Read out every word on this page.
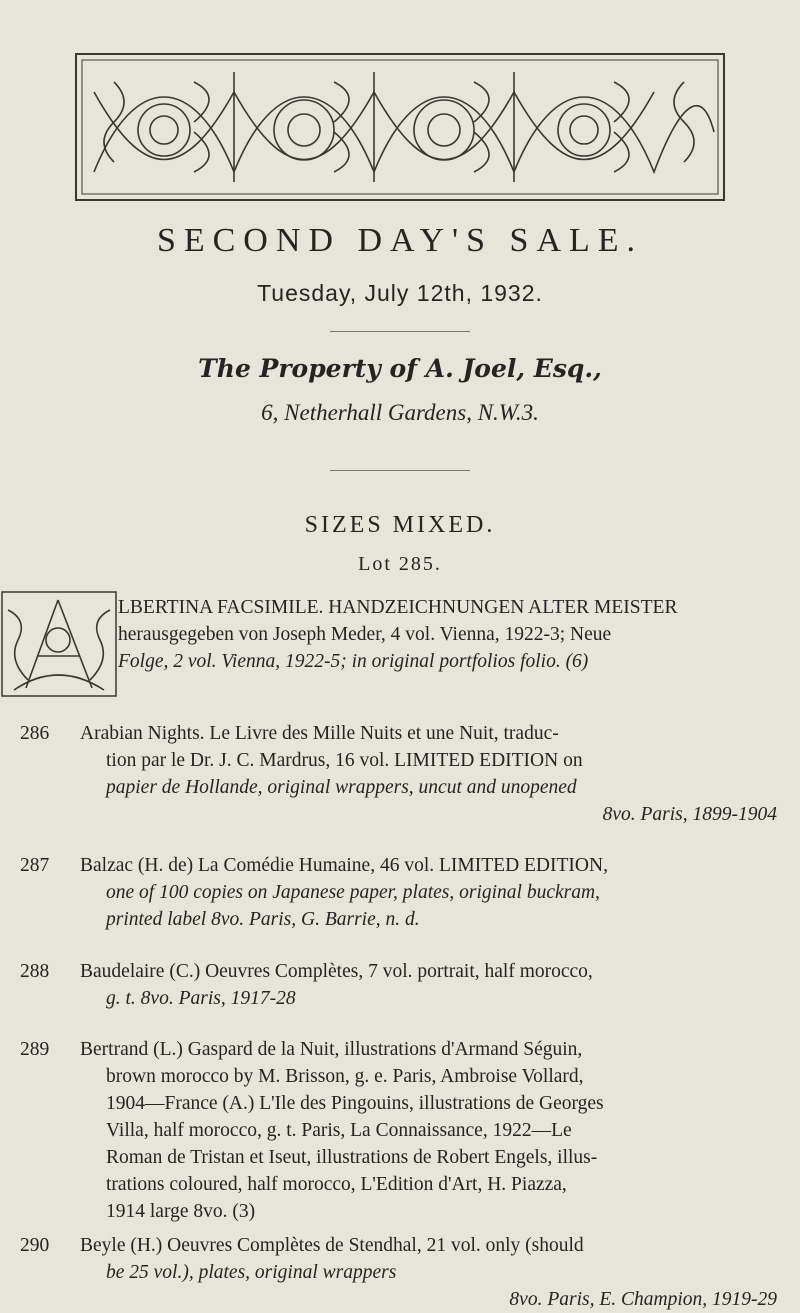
SECOND DAY'S SALE.
Tuesday, July 12th, 1932.
The Property of A. Joel, Esq.,
6, Netherhall Gardens, N.W.3.
SIZES MIXED.
Lot 285.
LBERTINA FACSIMILE. HANDZEICHNUNGEN ALTER MEISTER
herausgegeben von Joseph Meder, 4 vol. Vienna, 1922-3; Neue
Folge, 2 vol. Vienna, 1922-5; in original portfolios folio. (6)
286	Arabian Nights. Le Livre des Mille Nuits et une Nuit, traduc-
tion par le Dr. J. C. Mardrus, 16 vol. LIMITED EDITION on
papier de Hollande, original wrappers, uncut and unopened
8vo. Paris, 1899-1904
287	Balzac (H. de) La Comédie Humaine, 46 vol. LIMITED EDITION,
one of 100 copies on Japanese paper, plates, original buckram,
printed label 8vo. Paris, G. Barrie, n. d.
288	Baudelaire (C.) Oeuvres Complètes, 7 vol. portrait, half morocco,
g. t. 8vo. Paris, 1917-28
289	Bertrand (L.) Gaspard de la Nuit, illustrations d'Armand Séguin,
brown morocco by M. Brisson, g. e. Paris, Ambroise Vollard,
1904—France (A.) L'Ile des Pingouins, illustrations de Georges
Villa, half morocco, g. t. Paris, La Connaissance, 1922—Le
Roman de Tristan et Iseut, illustrations de Robert Engels, illus-
trations coloured, half morocco, L'Edition d'Art, H. Piazza,
1914 large 8vo. (3)
290	Beyle (H.) Oeuvres Complètes de Stendhal, 21 vol. only (should
be 25 vol.), plates, original wrappers
8vo. Paris, E. Champion, 1919-29
